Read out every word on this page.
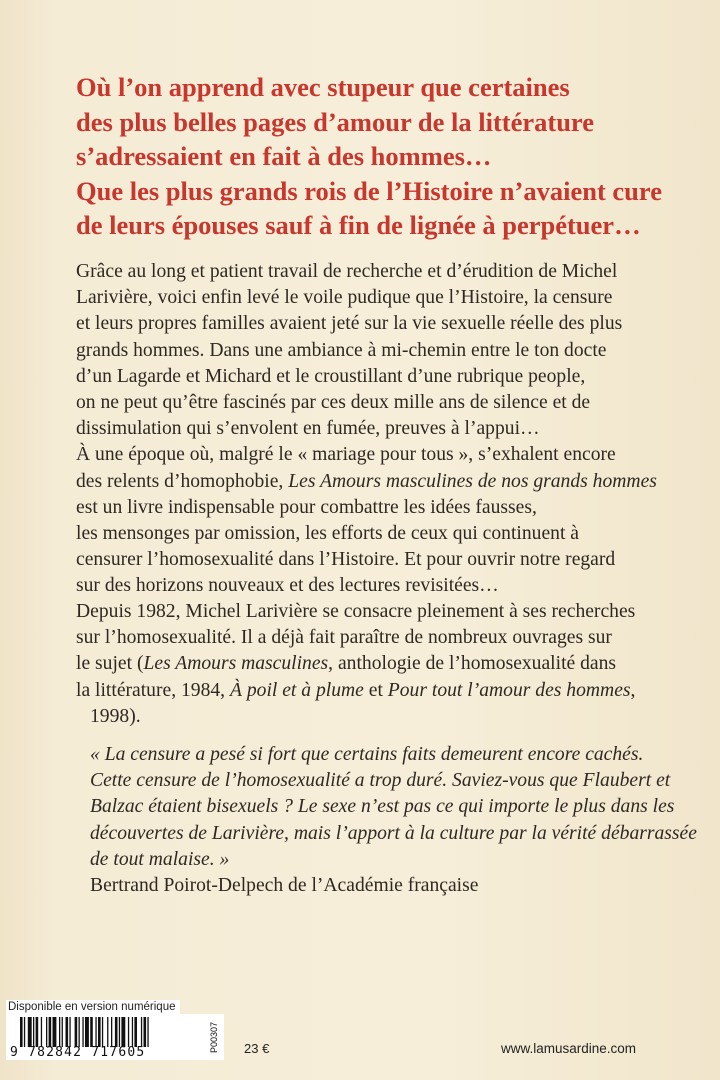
Où l’on apprend avec stupeur que certaines

des plus belles pages d’amour de la littérature

s’adressaient en fait à des hommes…

Que les plus grands rois de l’Histoire n’avaient cure

de leurs épouses sauf à fin de lignée à perpétuer…

Grâce au long et patient travail de recherche et d’érudition de Michel

Larivière, voici enfin levé le voile pudique que l’Histoire, la censure

et leurs propres familles avaient jeté sur la vie sexuelle réelle des plus

grands hommes. Dans une ambiance à mi-chemin entre le ton docte

d’un Lagarde et Michard et le croustillant d’une rubrique people,

on ne peut qu’être fascinés par ces deux mille ans de silence et de

dissimulation qui s’envolent en fumée, preuves à l’appui…

À une époque où, malgré le « mariage pour tous », s’exhalent encore

des relents d’homophobie, Les Amours masculines de nos grands hommes

est un livre indispensable pour combattre les idées fausses,

les mensonges par omission, les efforts de ceux qui continuent à

censurer l’homosexualité dans l’Histoire. Et pour ouvrir notre regard

sur des horizons nouveaux et des lectures revisitées…

Depuis 1982, Michel Larivière se consacre pleinement à ses recherches

sur l’homosexualité. Il a déjà fait paraître de nombreux ouvrages sur

le sujet (Les Amours masculines, anthologie de l’homosexualité dans

la littérature, 1984, À poil et à plume et Pour tout l’amour des hommes,

1998).

« La censure a pesé si fort que certains faits demeurent encore cachés.

Cette censure de l’homosexualité a trop duré. Saviez-vous que Flaubert et

Balzac étaient bisexuels ? Le sexe n’est pas ce qui importe le plus dans les

découvertes de Larivière, mais l’apport à la culture par la vérité débarrassée

de tout malaise. »

Bertrand Poirot-Delpech de l’Académie française

Disponible en version numérique
9 782842 717605	P00307	23 €	www.lamusardine.com
